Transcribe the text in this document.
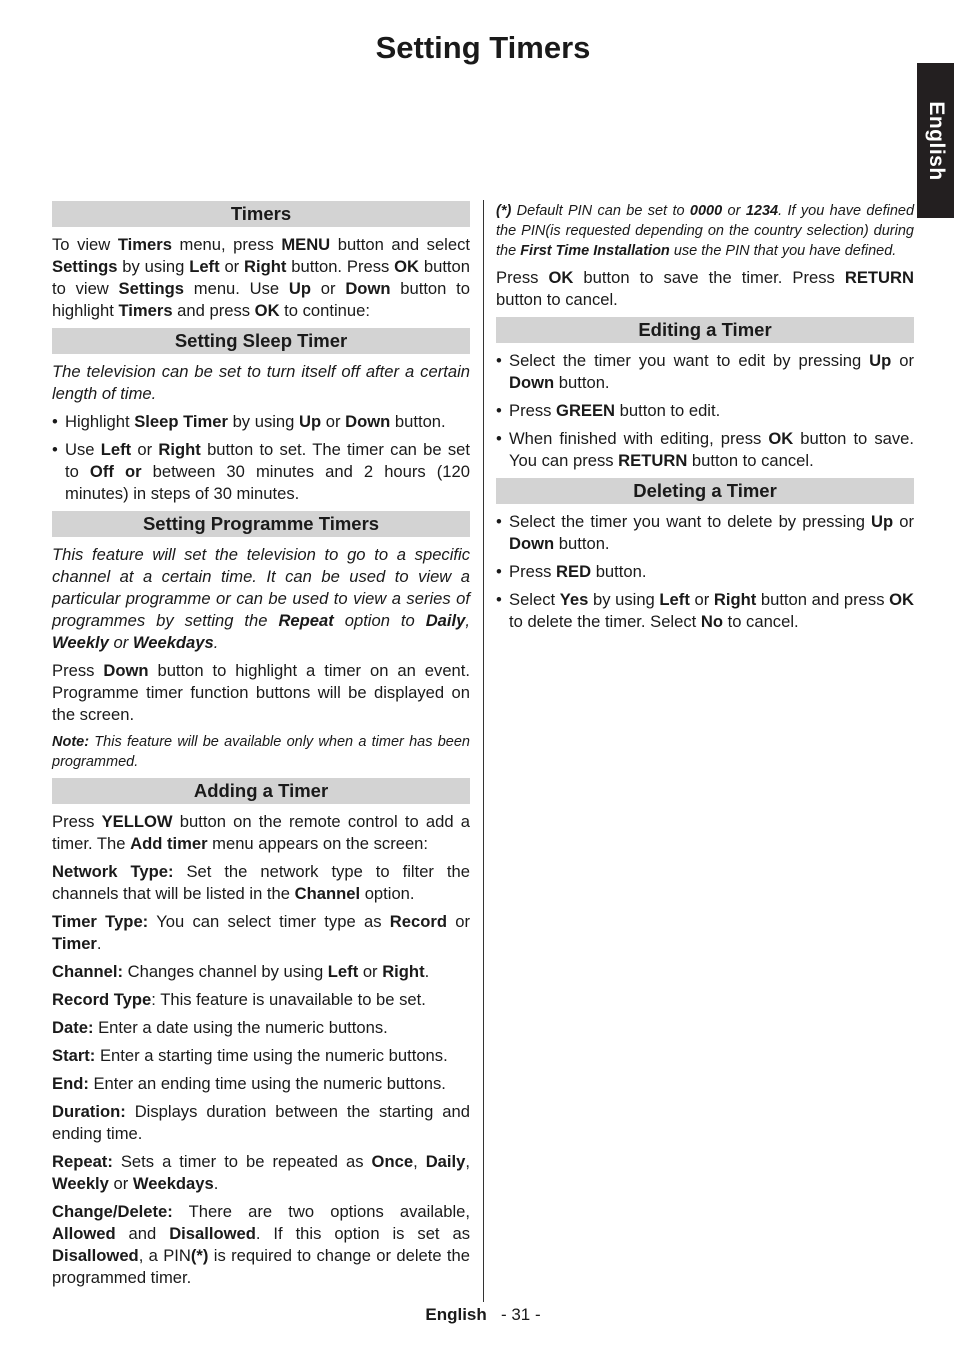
Setting Timers
English
Timers

To view Timers menu, press MENU button and select Settings by using Left or Right button. Press OK button to view Settings menu. Use Up or Down button to highlight Timers and press OK to continue:

Setting Sleep Timer

The television can be set to turn itself off after a certain length of time.

• Highlight Sleep Timer by using Up or Down button.
• Use Left or Right button to set. The timer can be set to Off or between 30 minutes and 2 hours (120 minutes) in steps of 30 minutes.
Setting Programme Timers

This feature will set the television to go to a specific channel at a certain time. It can be used to view a particular programme or can be used to view a series of programmes by setting the Repeat option to Daily, Weekly or Weekdays.

Press Down button to highlight a timer on an event. Programme timer function buttons will be displayed on the screen.

Note: This feature will be available only when a timer has been programmed.

Adding a Timer

Press YELLOW button on the remote control to add a timer. The Add timer menu appears on the screen:

Network Type: Set the network type to filter the channels that will be listed in the Channel option.

Timer Type: You can select timer type as Record or Timer.

Channel: Changes channel by using Left or Right.

Record Type: This feature is unavailable to be set.

Date: Enter a date using the numeric buttons.

Start: Enter a starting time using the numeric buttons.

End: Enter an ending time using the numeric buttons.

Duration: Displays duration between the starting and ending time.

Repeat: Sets a timer to be repeated as Once, Daily, Weekly or Weekdays.

Change/Delete: There are two options available, Allowed and Disallowed. If this option is set as Disallowed, a PIN(*) is required to change or delete the programmed timer.

(*) Default PIN can be set to 0000 or 1234. If you have defined the PIN(is requested depending on the country selection) during the First Time Installation use the PIN that you have defined.

Press OK button to save the timer. Press RETURN button to cancel.

Editing a Timer
• Select the timer you want to edit by pressing Up or Down button.
• Press GREEN button to edit.
• When finished with editing, press OK button to save. You can press RETURN button to cancel.
Deleting a Timer
• Select the timer you want to delete by pressing Up or Down button.
• Press RED button.
• Select Yes by using Left or Right button and press OK to delete the timer. Select No to cancel.
English - 31 -
